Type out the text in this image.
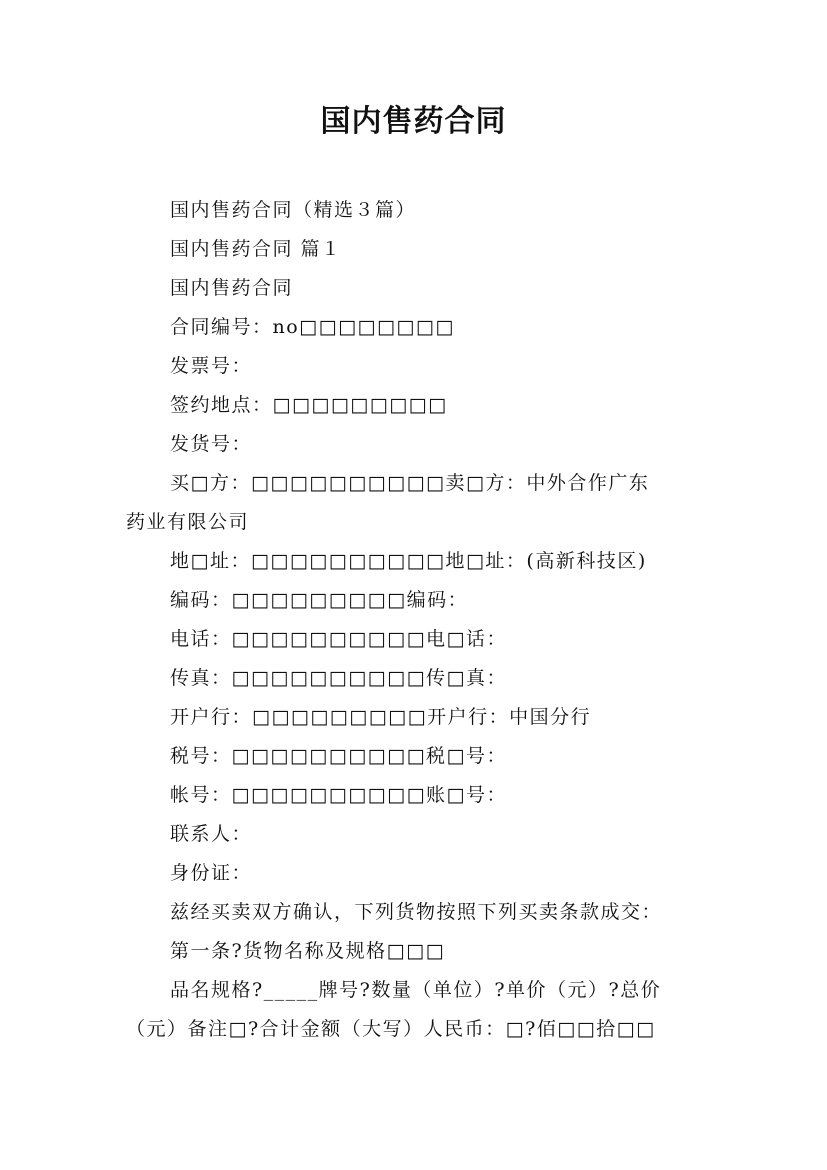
国内售药合同
国内售药合同（精选３篇）
国内售药合同 篇１
国内售药合同
合同编号：no□□□□□□□□
发票号：
签约地点：□□□□□□□□□
发货号：
买□方：□□□□□□□□□□卖□方：中外合作广东
药业有限公司
地□址：□□□□□□□□□□地□址：(高新科技区)
编码：□□□□□□□□□编码：
电话：□□□□□□□□□□电□话：
传真：□□□□□□□□□□传□真：
开户行：□□□□□□□□□开户行：中国分行
税号：□□□□□□□□□□税□号：
帐号：□□□□□□□□□□账□号：
联系人：
身份证：
兹经买卖双方确认，下列货物按照下列买卖条款成交：
第一条?货物名称及规格□□□
品名规格?_____牌号?数量（单位）?单价（元）?总价
（元）备注□?合计金额（大写）人民币：□?佰□□拾□□
